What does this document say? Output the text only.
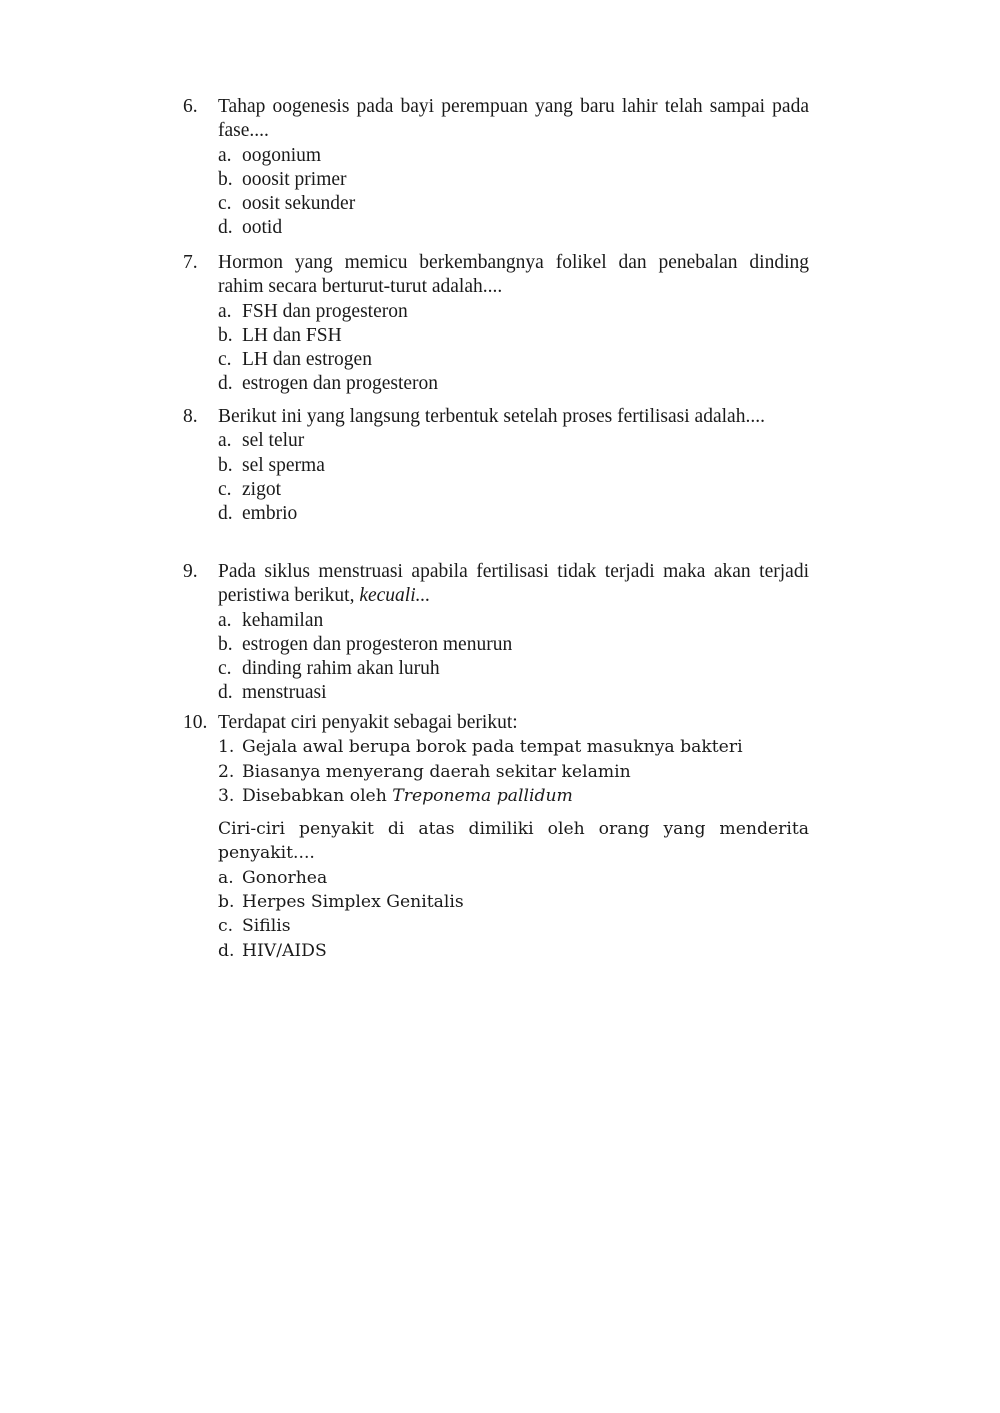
6.	Tahap oogenesis pada bayi perempuan yang baru lahir telah sampai pada fase....
a. oogonium
b. ooosit primer
c. oosit sekunder
d. ootid
7.	Hormon yang memicu berkembangnya folikel dan penebalan dinding rahim secara berturut-turut adalah....
a. FSH dan progesteron
b. LH dan FSH
c. LH dan estrogen
d. estrogen dan progesteron
8.	Berikut ini yang langsung terbentuk setelah proses fertilisasi adalah....
a. sel telur
b. sel sperma
c. zigot
d. embrio
9.	Pada siklus menstruasi apabila fertilisasi tidak terjadi maka akan terjadi peristiwa berikut, kecuali...
a. kehamilan
b. estrogen dan progesteron menurun
c. dinding rahim akan luruh
d. menstruasi
10. Terdapat ciri penyakit sebagai berikut:
1. Gejala awal berupa borok pada tempat masuknya bakteri
2. Biasanya menyerang daerah sekitar kelamin
3. Disebabkan oleh Treponema pallidum
Ciri-ciri penyakit di atas dimiliki oleh orang yang menderita penyakit....
a. Gonorhea
b. Herpes Simplex Genitalis
c. Sifilis
d. HIV/AIDS
